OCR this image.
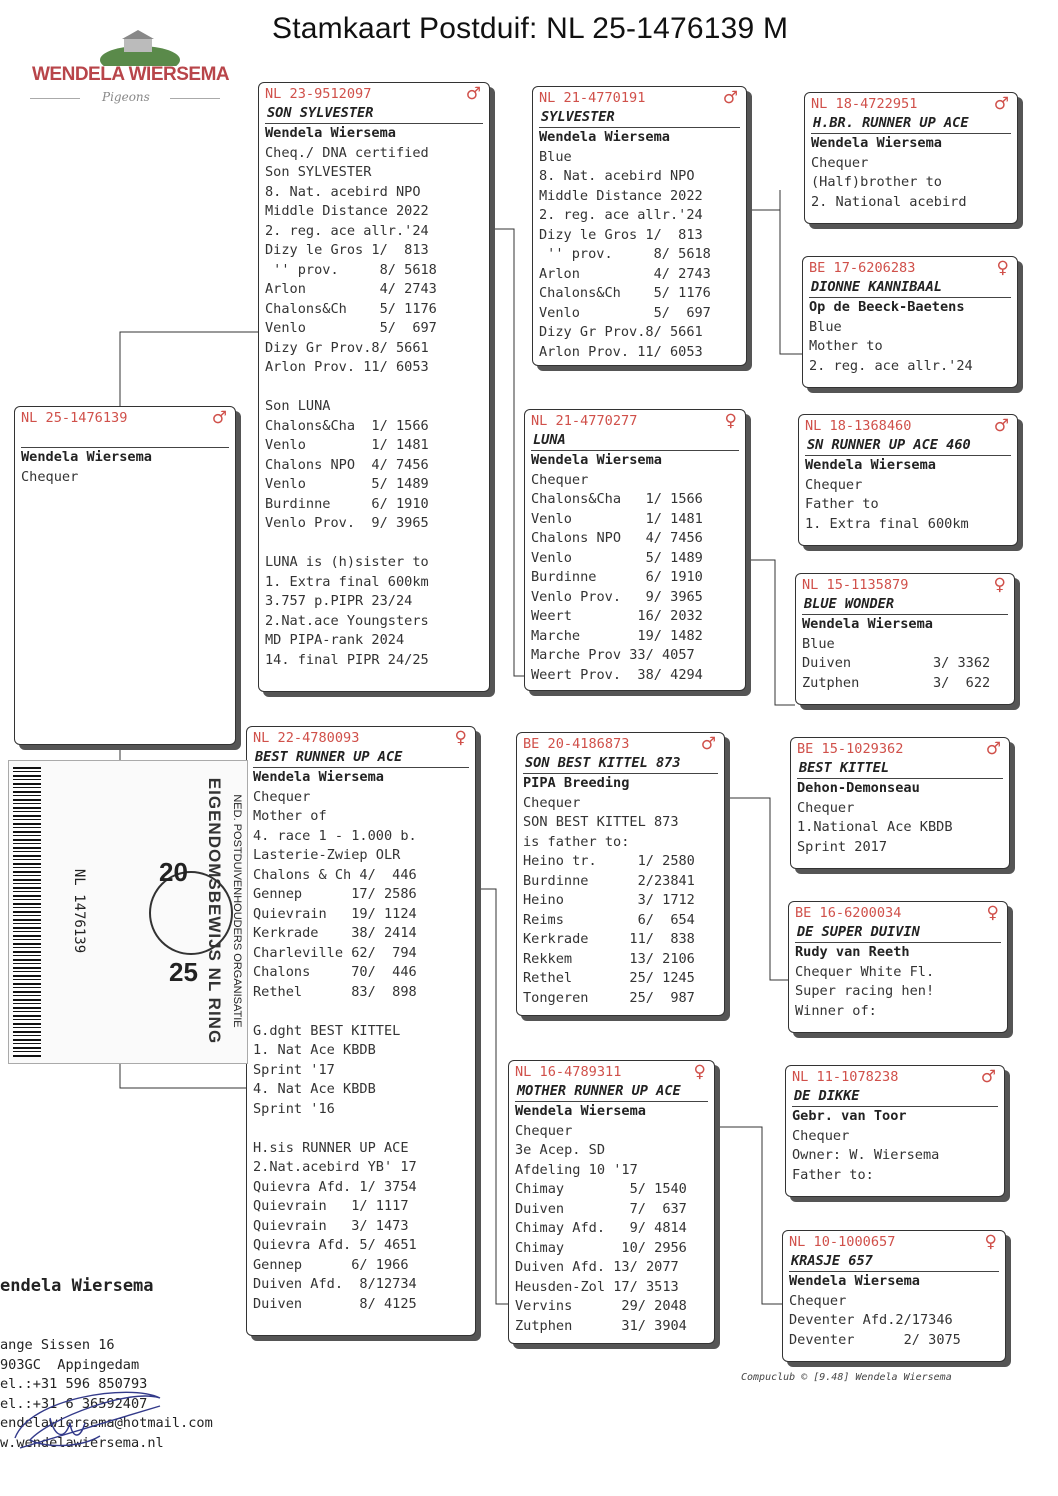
Stamkaart Postduif: NL 25-1476139 M
WENDELA WIERSEMA
Pigeons
NL 25-1476139	♂
Wendela Wiersema
Chequer
NL 23-9512097	♂
SON SYLVESTER
Wendela Wiersema
Cheq./ DNA certified
Son SYLVESTER
8. Nat. acebird NPO
Middle Distance 2022
2. reg. ace allr.'24
Dizy le Gros 1/  813
'' prov.     8/ 5618
Arlon         4/ 2743
Chalons&Ch    5/ 1176
Venlo         5/  697
Dizy Gr Prov.8/ 5661
Arlon Prov. 11/ 6053

Son LUNA
Chalons&Cha  1/ 1566
Venlo        1/ 1481
Chalons NPO  4/ 7456
Venlo        5/ 1489
Burdinne     6/ 1910
Venlo Prov.  9/ 3965

LUNA is (h)sister to
1. Extra final 600km
3.757 p.PIPR 23/24
2.Nat.ace Youngsters
MD PIPA-rank 2024
14. final PIPR 24/25
NL 22-4780093	♀
BEST RUNNER UP ACE
Wendela Wiersema
Chequer
Mother of
4. race 1 - 1.000 b.
Lasterie-Zwiep OLR
Chalons & Ch 4/  446
Gennep      17/ 2586
Quievrain   19/ 1124
Kerkrade    38/ 2414
Charleville 62/  794
Chalons     70/  446
Rethel      83/  898

G.dght BEST KITTEL
1. Nat Ace KBDB
Sprint '17
4. Nat Ace KBDB
Sprint '16

H.sis RUNNER UP ACE
2.Nat.acebird YB' 17
Quievra Afd. 1/ 3754
Quievrain   1/ 1117
Quievrain   3/ 1473
Quievra Afd. 5/ 4651
Gennep      6/ 1966
Duiven Afd.  8/12734
Duiven       8/ 4125
NL 21-4770191	♂
SYLVESTER
Wendela Wiersema
Blue
8. Nat. acebird NPO
Middle Distance 2022
2. reg. ace allr.'24
Dizy le Gros 1/  813
'' prov.     8/ 5618
Arlon         4/ 2743
Chalons&Ch    5/ 1176
Venlo         5/  697
Dizy Gr Prov.8/ 5661
Arlon Prov. 11/ 6053
NL 21-4770277	♀
LUNA
Wendela Wiersema
Chequer
Chalons&Cha   1/ 1566
Venlo         1/ 1481
Chalons NPO   4/ 7456
Venlo         5/ 1489
Burdinne      6/ 1910
Venlo Prov.   9/ 3965
Weert        16/ 2032
Marche       19/ 1482
Marche Prov 33/ 4057
Weert Prov.  38/ 4294
BE 20-4186873	♂
SON BEST KITTEL 873
PIPA Breeding
Chequer
SON BEST KITTEL 873
is father to:
Heino tr.     1/ 2580
Burdinne      2/23841
Heino         3/ 1712
Reims         6/  654
Kerkrade     11/  838
Rekkem       13/ 2106
Rethel       25/ 1245
Tongeren     25/  987
NL 16-4789311	♀
MOTHER RUNNER UP ACE
Wendela Wiersema
Chequer
3e Acep. SD
Afdeling 10 '17
Chimay        5/ 1540
Duiven        7/  637
Chimay Afd.   9/ 4814
Chimay       10/ 2956
Duiven Afd. 13/ 2077
Heusden-Zol 17/ 3513
Vervins      29/ 2048
Zutphen      31/ 3904
NL 18-4722951	♂
H.BR. RUNNER UP ACE
Wendela Wiersema
Chequer
(Half)brother to
2. National acebird
BE 17-6206283	♀
DIONNE KANNIBAAL
Op de Beeck-Baetens
Blue
Mother to
2. reg. ace allr.'24
NL 18-1368460	♂
SN RUNNER UP ACE 460
Wendela Wiersema
Chequer
Father to
1. Extra final 600km
NL 15-1135879	♀
BLUE WONDER
Wendela Wiersema
Blue
Duiven          3/ 3362
Zutphen         3/  622
BE 15-1029362	♂
BEST KITTEL
Dehon-Demonseau
Chequer
1.National Ace KBDB
Sprint 2017
BE 16-6200034	♀
DE SUPER DUIVIN
Rudy van Reeth
Chequer White Fl.
Super racing hen!
Winner of:
NL 11-1078238	♂
DE DIKKE
Gebr. van Toor
Chequer
Owner: W. Wiersema
Father to:
NL 10-1000657	♀
KRASJE 657
Wendela Wiersema
Chequer
Deventer Afd.2/17346
Deventer      2/ 3075
20
25
NL 1476139	EIGENDOMSBEWIJS NL RING NED. POSTDUIVENHOUDERS ORGANISATIE

endela Wiersema

ange Sissen 16
903GC  Appingedam
el.:+31 596 850793
el.:+31 6 36592407
endelawiersema@hotmail.com
w.wendelawiersema.nl

Compuclub © [9.48] Wendela Wiersema
